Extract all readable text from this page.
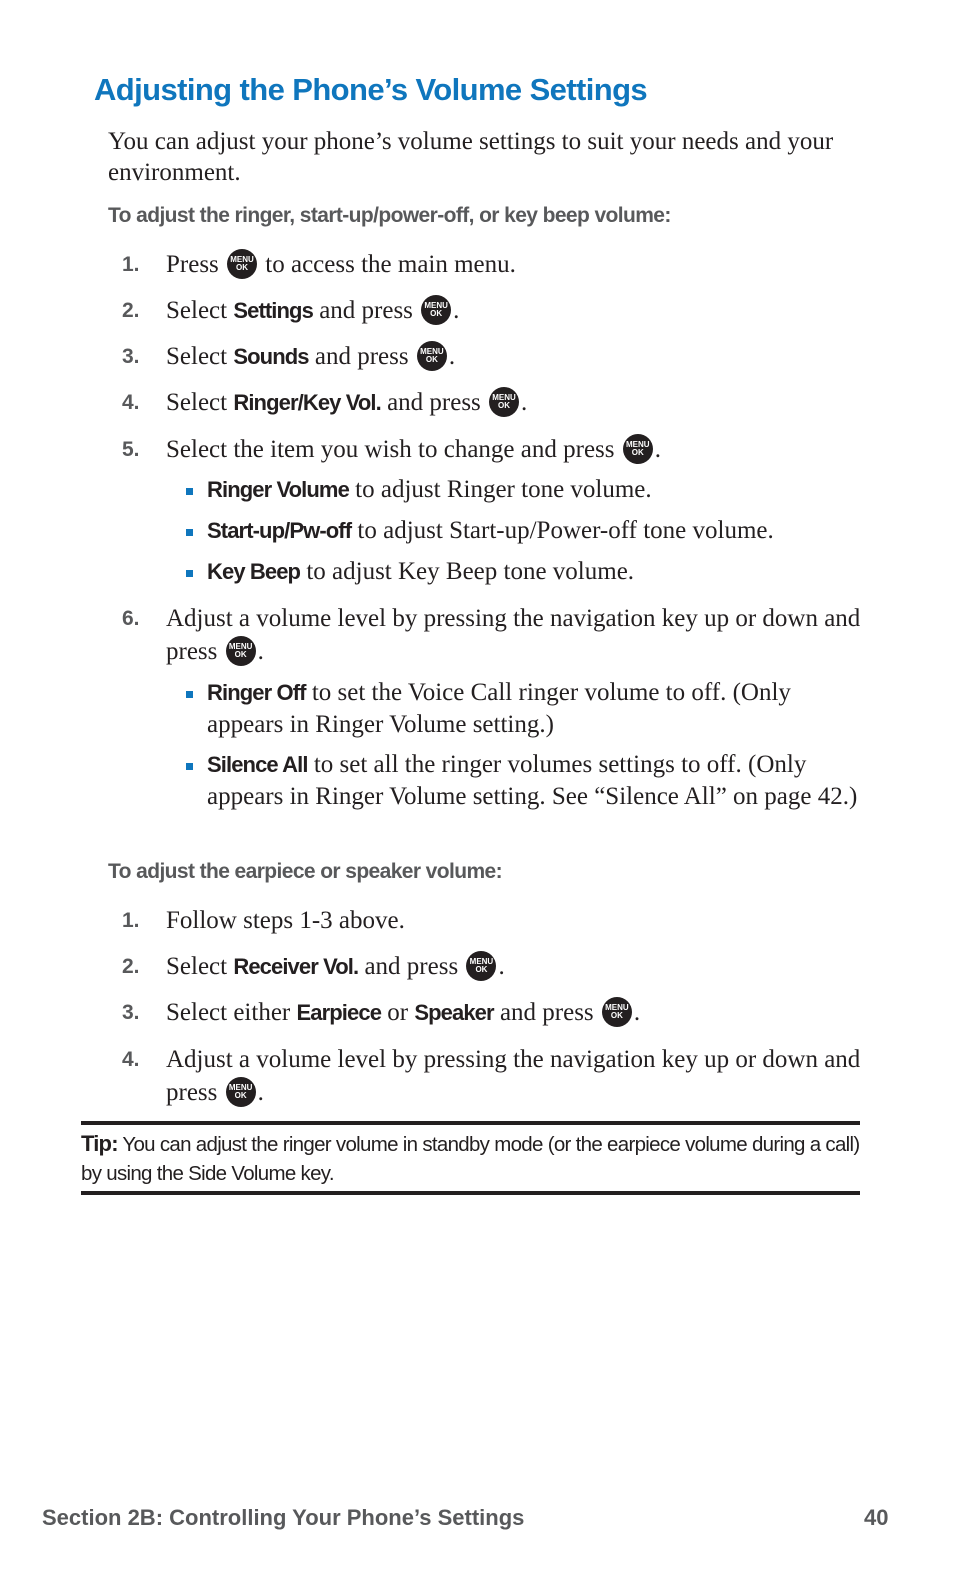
Adjusting the Phone’s Volume Settings

You can adjust your phone’s volume settings to suit your needs and your environment.

To adjust the ringer, start-up/power-off, or key beep volume:

1. Press	MENU
OK to access the main menu.
2. Select Settings and press	MENU
OK .
3. Select Sounds and press	MENU
OK .
4. Select Ringer/Key Vol. and press	MENU
OK .
5. Select the item you wish to change and press	MENU
OK .
Ringer Volume to adjust Ringer tone volume.
Start-up/Pw-off to adjust Start-up/Power-off tone volume.
Key Beep to adjust Key Beep tone volume.
6. Adjust a volume level by pressing the navigation key up or down and press	MENU
OK .
Ringer Off to set the Voice Call ringer volume to off. (Only appears in Ringer Volume setting.)
Silence All to set all the ringer volumes settings to off. (Only appears in Ringer Volume setting. See “Silence All” on page 42.)

To adjust the earpiece or speaker volume:

1. Follow steps 1-3 above.
2. Select Receiver Vol. and press	MENU
OK .
3. Select either Earpiece or Speaker and press	MENU
OK .
4. Adjust a volume level by pressing the navigation key up or down and press	MENU
OK .
Tip: You can adjust the ringer volume in standby mode (or the earpiece volume during a call) by using the Side Volume key.
Section 2B: Controlling Your Phone’s Settings	40
